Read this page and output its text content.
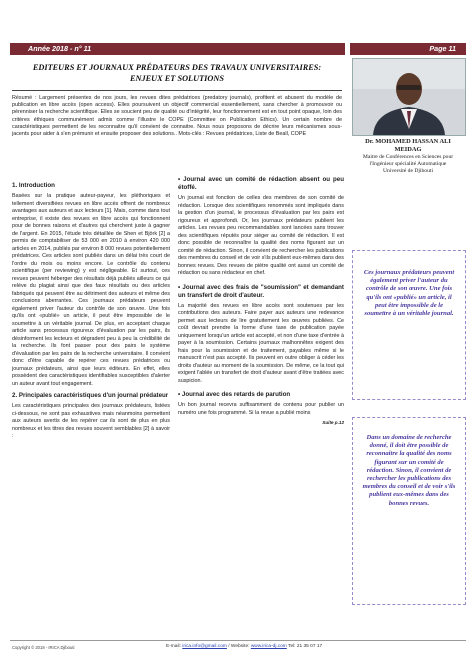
Année 2018 - n° 11	Page 11
EDITEURS ET JOURNAUX PRÉDATEURS DES TRAVAUX UNIVERSITAIRES:
ENJEUX ET SOLUTIONS
Résumé : Largement présentes de nos jours, les revues dites prédatrices (predatory journals), profitent et abusent du modèle de publication en libre accès (open access). Elles poursuivent un objectif commercial essentiellement, sans chercher à promouvoir ou pérenniser la recherche scientifique. Elles se soucient peu de qualité ou d'intégrité, leur fonctionnement est en tout point opaque, loin des critères éthiques communément admis comme l'illustre le COPE (Committee on Publication Ethics). Un certain nombre de caractéristiques permettent de les reconnaitre qu'il convient de connaitre. Nous nous proposons de décrire leurs mécanismes sous-jacents pour aider à s'en prémunir et ensuite proposer des solutions.. Mots-clés : Revues prédatrices, Liste de Beall, COPE
1. Introduction

Basées sur la pratique auteur-payeur, les pléthoriques et tellement diversifiées revues en libre accès offrent de nombreux avantages aux auteurs et aux lecteurs [1]. Mais, comme dans tout entreprise, il existe des revues en libre accès qui fonctionnent pour de bonnes raisons et d'autres qui cherchent juste à gagner de l'argent. En 2015, l'étude très détaillée de Shen et Björk [2] a permis de comptabiliser de 53 000 en 2010 à environ 420 000 articles en 2014, publiés par environ 8 000 revues potentiellement prédatrices. Ces articles sont publiés dans un délai très court de l'ordre du mois ou moins encore. Le contrôle du contenu scientifique (per reviewing) y est négligeable. Et surtout, ces revues peuvent héberger des résultats déjà publiés ailleurs ce qui relève du plagiat ainsi que des faux résultats ou des articles fabriqués qui peuvent être au détriment des auteurs et même des conclusions aberrantes. Ces journaux prédateurs peuvent également priver l'auteur du contrôle de son œuvre. Une fois qu'ils ont «publié» un article, il peut être impossible de le soumettre à un véritable journal. De plus, en acceptant chaque article sans processus rigoureux d'évaluation par les pairs, ils désinforment les lecteurs et dégradent peu à peu la crédibilité de la recherche. Ils font passer pour des pairs le système d'évaluation par les pairs de la recherche universitaire. Il convient donc d'être capable de repérer ces revues prédatrices ou journaux prédateurs, ainsi que leurs éditeurs. En effet, elles possèdent des caractéristiques identifiables susceptibles d'alerter un auteur avant tout engagement.

2. Principales caractéristiques d'un journal prédateur

Les caractéristiques principales des journaux prédateurs, listées ci-dessous, ne sont pas exhaustives mais néanmoins permettent aux auteurs avertis de les repérer car ils sont de plus en plus nombreux et les titres des revues souvent semblables [2] à savoir :

• Journal avec un comité de rédaction absent ou peu étoffé.

Un journal est fonction de celles des membres de son comité de rédaction. Lorsque des scientifiques renommés sont impliqués dans la gestion d'un journal, le processus d'évaluation par les pairs est rigoureux et approfondi. Or, les journaux prédateurs publient les articles. Les revues peu recommandables sont lancées sans trouver des scientifiques réputés pour siéger au comité de rédaction. Il est donc possible de reconnaître la qualité des noms figurant sur un comité de rédaction. Sinon, il convient de rechercher les publications des membres du conseil et de voir s'ils publient eux-mêmes dans des bonnes revues. Des revues de piètre qualité ont aussi un comité de rédaction ou sans rédacteur en chef.

• Journal avec des frais de "soumission" et demandant un transfert de droit d'auteur.

La majorité des revues en libre accès sont soutenues par les contributions des auteurs. Faire payer aux auteurs une redevance permet aux lecteurs de lire gratuitement les œuvres publiées. Ce coût devrait prendre la forme d'une taxe de publication payée uniquement lorsqu'un article est accepté, et non d'une taxe d'entrée à payer à la soumission. Certains journaux malhonnêtes exigent des frais pour la soumission et de traitement, payables même si le manuscrit n'est pas accepté. Ils peuvent en outre obliger à céder les droits d'auteur au moment de la soumission. De même, ce la tout qui exigent l'ablée un transfert de droit d'auteur avant d'être traitées avec suspicion.

• Journal avec des retards de parution

Un bon journal recevra suffisamment de contenu pour publier un numéro une fois programmé. Si la revue a publié moins

Suite p.12
Dr. MOHAMED HASSAN ALI MEIDAG
Maitre de Conférences en Sciences pour l'Ingénieur spécialité Automatique
Université de Djibouti
Ces journaux prédateurs peuvent également priver l'auteur du contrôle de son œuvre. Une fois qu'ils ont «publié» un article, il peut être impossible de le soumettre à un véritable journal.
Dans un domaine de recherche donné, il doit être possible de reconnaitre la qualité des noms figurant sur un comité de rédaction. Sinon, il convient de rechercher les publications des membres du conseil et de voir s'ils publient eux-mêmes dans des bonnes revues.
Copyright © 2018 - IRICA Djibouti	E-mail: irica.info@gmail.com / Website: www.irica-dj.com Tel: 21 35 07 17
